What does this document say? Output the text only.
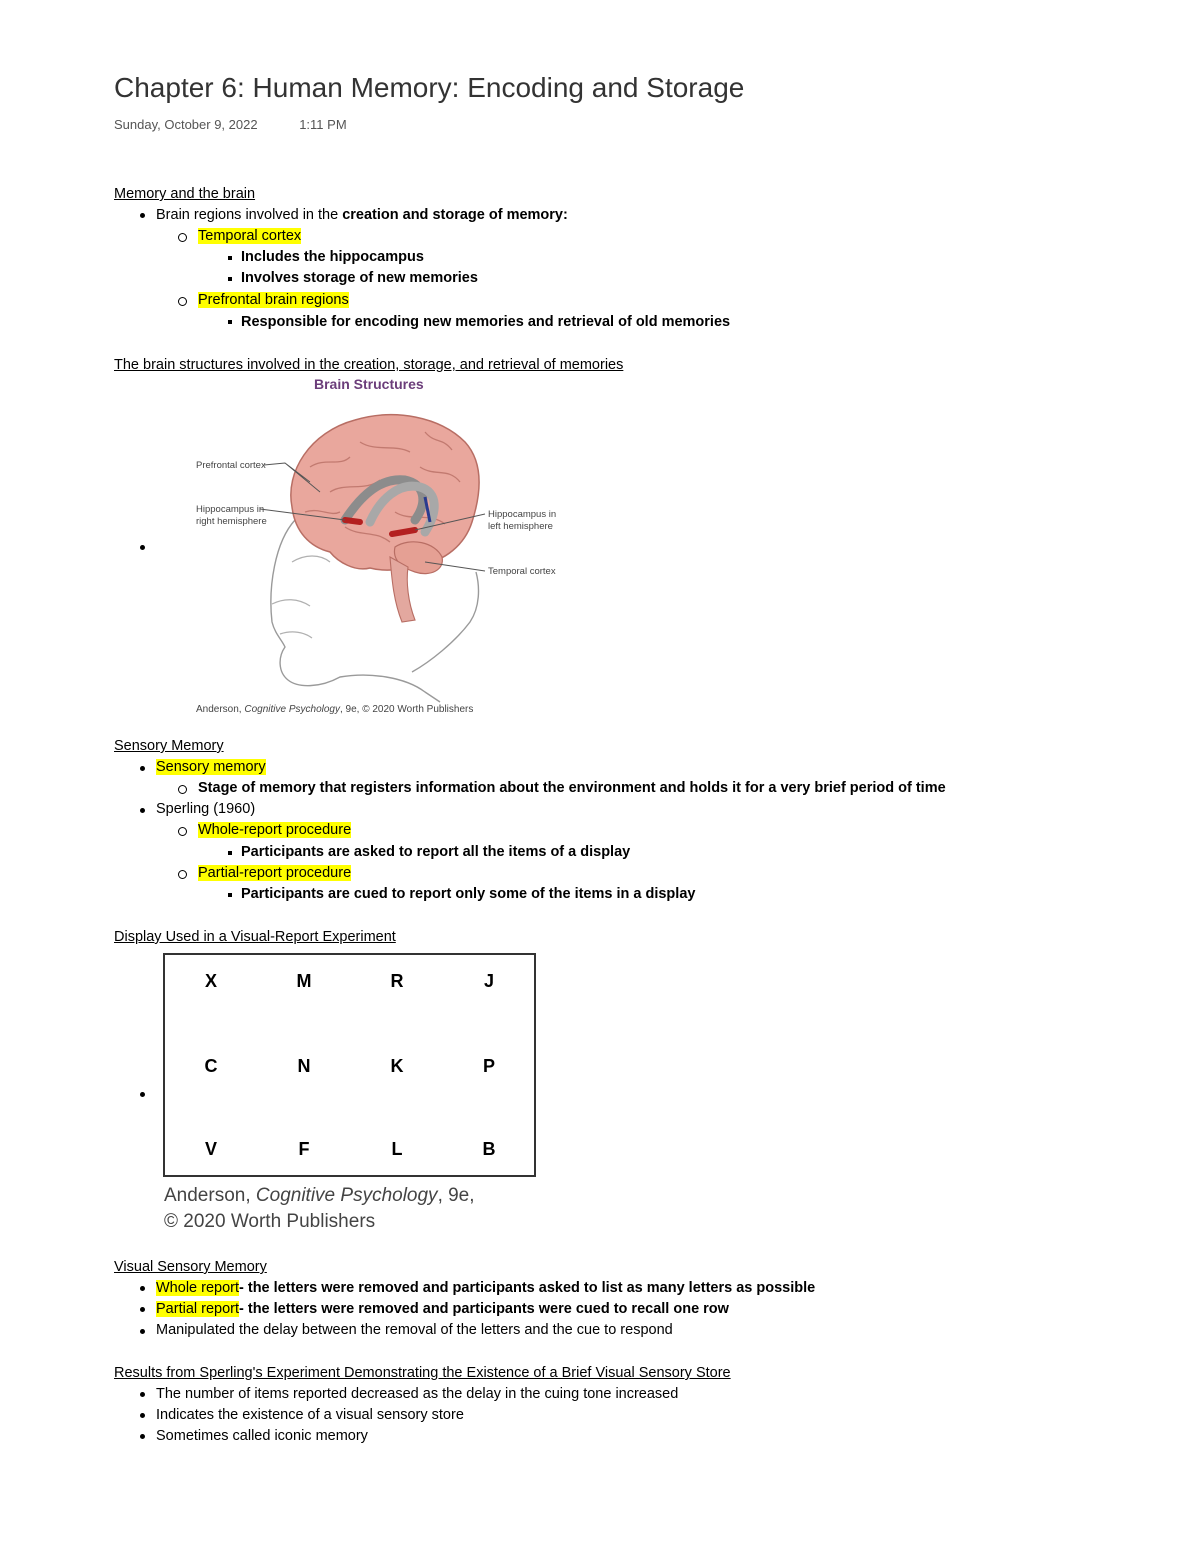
Chapter 6: Human Memory: Encoding and Storage
Sunday, October 9, 2022	1:11 PM
Memory and the brain
Brain regions involved in the creation and storage of memory:
Temporal cortex
Includes the hippocampus
Involves storage of new memories
Prefrontal brain regions
Responsible for encoding new memories and retrieval of old memories
The brain structures involved in the creation, storage, and retrieval of memories
Brain Structures
Prefrontal cortex
Hippocampus in
right hemisphere
Hippocampus in
left hemisphere
Temporal cortex
Anderson, Cognitive Psychology, 9e, © 2020 Worth Publishers
Sensory Memory
Sensory memory
Stage of memory that registers information about the environment and holds it for a very brief period of time
Sperling (1960)
Whole-report procedure
Participants are asked to report all the items of a display
Partial-report procedure
Participants are cued to report only some of the items in a display
Display Used in a Visual-Report Experiment
X	M	R	J
C	N	K	P
V	F	L	B
Anderson, Cognitive Psychology, 9e,
© 2020 Worth Publishers
Visual Sensory Memory
Whole report- the letters were removed and participants asked to list as many letters as possible
Partial report- the letters were removed and participants were cued to recall one row
Manipulated the delay between the removal of the letters and the cue to respond
Results from Sperling's Experiment Demonstrating the Existence of a Brief Visual Sensory Store
The number of items reported decreased as the delay in the cuing tone increased
Indicates the existence of a visual sensory store
Sometimes called iconic memory
